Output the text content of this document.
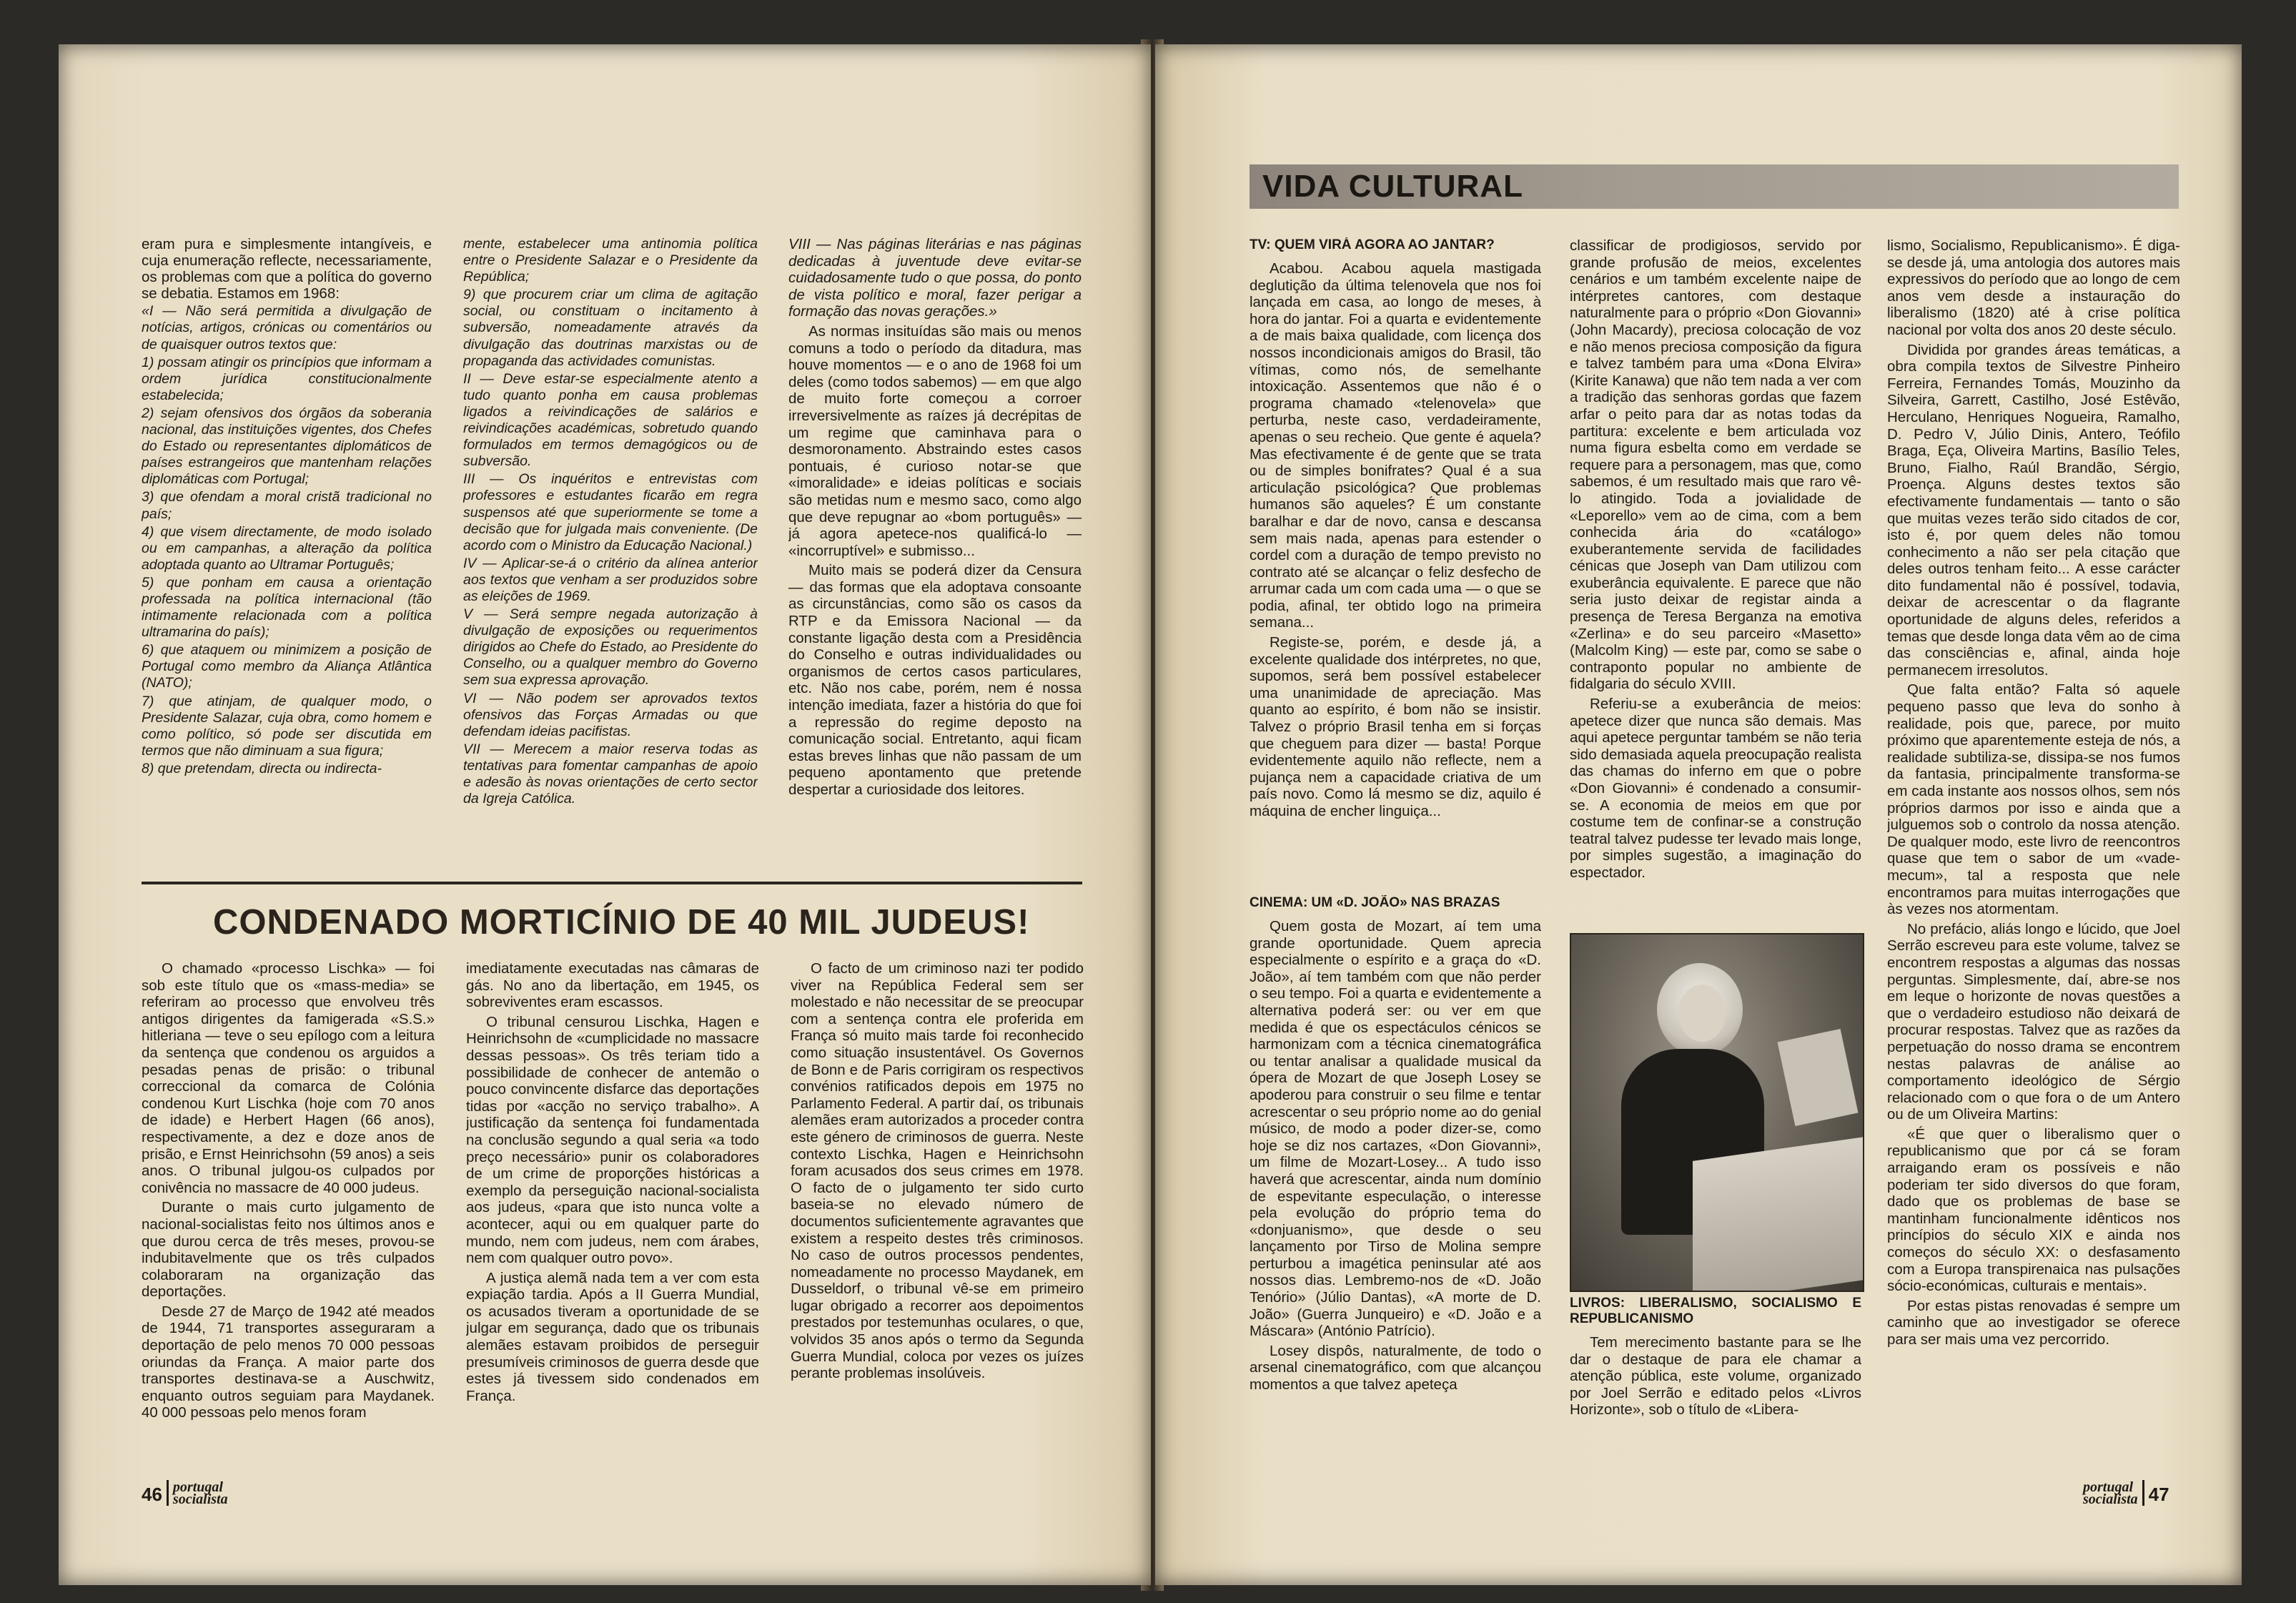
eram pura e simplesmente intangíveis, e cuja enumeração reflecte, necessariamente, os problemas com que a política do governo se debatia. Estamos em 1968:

«I — Não será permitida a divulgação de notícias, artigos, crónicas ou comentários ou de quaisquer outros textos que:

1) possam atingir os princípios que informam a ordem jurídica constitucionalmente estabelecida;

2) sejam ofensivos dos órgãos da soberania nacional, das instituições vigentes, dos Chefes do Estado ou representantes diplomáticos de países estrangeiros que mantenham relações diplomáticas com Portugal;

3) que ofendam a moral cristã tradicional no país;

4) que visem directamente, de modo isolado ou em campanhas, a alteração da política adoptada quanto ao Ultramar Português;

5) que ponham em causa a orientação professada na política internacional (tão intimamente relacionada com a política ultramarina do país);

6) que ataquem ou minimizem a posição de Portugal como membro da Aliança Atlântica (NATO);

7) que atinjam, de qualquer modo, o Presidente Salazar, cuja obra, como homem e como político, só pode ser discutida em termos que não diminuam a sua figura;

8) que pretendam, directa ou indirecta-

mente, estabelecer uma antinomia política entre o Presidente Salazar e o Presidente da República;

9) que procurem criar um clima de agitação social, ou constituam o incitamento à subversão, nomeadamente através da divulgação das doutrinas marxistas ou de propaganda das actividades comunistas.

II — Deve estar-se especialmente atento a tudo quanto ponha em causa problemas ligados a reivindicações de salários e reivindicações académicas, sobretudo quando formulados em termos demagógicos ou de subversão.

III — Os inquéritos e entrevistas com professores e estudantes ficarão em regra suspensos até que superiormente se tome a decisão que for julgada mais conveniente. (De acordo com o Ministro da Educação Nacional.)

IV — Aplicar-se-á o critério da alínea anterior aos textos que venham a ser produzidos sobre as eleições de 1969.

V — Será sempre negada autorização à divulgação de exposições ou requerimentos dirigidos ao Chefe do Estado, ao Presidente do Conselho, ou a qualquer membro do Governo sem sua expressa aprovação.

VI — Não podem ser aprovados textos ofensivos das Forças Armadas ou que defendam ideias pacifistas.

VII — Merecem a maior reserva todas as tentativas para fomentar campanhas de apoio e adesão às novas orientações de certo sector da Igreja Católica.

VIII — Nas páginas literárias e nas páginas dedicadas à juventude deve evitar-se cuidadosamente tudo o que possa, do ponto de vista político e moral, fazer perigar a formação das novas gerações.»

As normas insituídas são mais ou menos comuns a todo o período da ditadura, mas houve momentos — e o ano de 1968 foi um deles (como todos sabemos) — em que algo de muito forte começou a corroer irreversivelmente as raízes já decrépitas de um regime que caminhava para o desmoronamento. Abstraindo estes casos pontuais, é curioso notar-se que «imoralidade» e ideias políticas e sociais são metidas num e mesmo saco, como algo que deve repugnar ao «bom português» — já agora apetece-nos qualificá-lo — «incorruptível» e submisso...

Muito mais se poderá dizer da Censura — das formas que ela adoptava consoante as circunstâncias, como são os casos da RTP e da Emissora Nacional — da constante ligação desta com a Presidência do Conselho e outras individualidades ou organismos de certos casos particulares, etc. Não nos cabe, porém, nem é nossa intenção imediata, fazer a história do que foi a repressão do regime deposto na comunicação social. Entretanto, aqui ficam estas breves linhas que não passam de um pequeno apontamento que pretende despertar a curiosidade dos leitores.

CONDENADO MORTICÍNIO DE 40 MIL JUDEUS!

O chamado «processo Lischka» — foi sob este título que os «mass-media» se referiram ao processo que envolveu três antigos dirigentes da famigerada «S.S.» hitleriana — teve o seu epílogo com a leitura da sentença que condenou os arguidos a pesadas penas de prisão: o tribunal correccional da comarca de Colónia condenou Kurt Lischka (hoje com 70 anos de idade) e Herbert Hagen (66 anos), respectivamente, a dez e doze anos de prisão, e Ernst Heinrichsohn (59 anos) a seis anos. O tribunal julgou-os culpados por conivência no massacre de 40 000 judeus.

Durante o mais curto julgamento de nacional-socialistas feito nos últimos anos e que durou cerca de três meses, provou-se indubitavelmente que os três culpados colaboraram na organização das deportações.

Desde 27 de Março de 1942 até meados de 1944, 71 transportes asseguraram a deportação de pelo menos 70 000 pessoas oriundas da França. A maior parte dos transportes destinava-se a Auschwitz, enquanto outros seguiam para Maydanek. 40 000 pessoas pelo menos foram

imediatamente executadas nas câmaras de gás. No ano da libertação, em 1945, os sobreviventes eram escassos.

O tribunal censurou Lischka, Hagen e Heinrichsohn de «cumplicidade no massacre dessas pessoas». Os três teriam tido a possibilidade de conhecer de antemão o pouco convincente disfarce das deportações tidas por «acção no serviço trabalho». A justificação da sentença foi fundamentada na conclusão segundo a qual seria «a todo preço necessário» punir os colaboradores de um crime de proporções históricas a exemplo da perseguição nacional-socialista aos judeus, «para que isto nunca volte a acontecer, aqui ou em qualquer parte do mundo, nem com judeus, nem com árabes, nem com qualquer outro povo».

A justiça alemã nada tem a ver com esta expiação tardia. Após a II Guerra Mundial, os acusados tiveram a oportunidade de se julgar em segurança, dado que os tribunais alemães estavam proibidos de perseguir presumíveis criminosos de guerra desde que estes já tivessem sido condenados em França.

O facto de um criminoso nazi ter podido viver na República Federal sem ser molestado e não necessitar de se preocupar com a sentença contra ele proferida em França só muito mais tarde foi reconhecido como situação insustentável. Os Governos de Bonn e de Paris corrigiram os respectivos convénios ratificados depois em 1975 no Parlamento Federal. A partir daí, os tribunais alemães eram autorizados a proceder contra este género de criminosos de guerra. Neste contexto Lischka, Hagen e Heinrichsohn foram acusados dos seus crimes em 1978. O facto de o julgamento ter sido curto baseia-se no elevado número de documentos suficientemente agravantes que existem a respeito destes três criminosos. No caso de outros processos pendentes, nomeadamente no processo Maydanek, em Dusseldorf, o tribunal vê-se em primeiro lugar obrigado a recorrer aos depoimentos prestados por testemunhas oculares, o que, volvidos 35 anos após o termo da Segunda Guerra Mundial, coloca por vezes os juízes perante problemas insolúveis.

46 portugal
socialista
VIDA CULTURAL
TV: QUEM VIRÁ AGORA AO JANTAR?

Acabou. Acabou aquela mastigada deglutição da última telenovela que nos foi lançada em casa, ao longo de meses, à hora do jantar. Foi a quarta e evidentemente a de mais baixa qualidade, com licença dos nossos incondicionais amigos do Brasil, tão vítimas, como nós, de semelhante intoxicação. Assentemos que não é o programa chamado «telenovela» que perturba, neste caso, verdadeiramente, apenas o seu recheio. Que gente é aquela? Mas efectivamente é de gente que se trata ou de simples bonifrates? Qual é a sua articulação psicológica? Que problemas humanos são aqueles? É um constante baralhar e dar de novo, cansa e descansa sem mais nada, apenas para estender o cordel com a duração de tempo previsto no contrato até se alcançar o feliz desfecho de arrumar cada um com cada uma — o que se podia, afinal, ter obtido logo na primeira semana...

Registe-se, porém, e desde já, a excelente qualidade dos intérpretes, no que, supomos, será bem possível estabelecer uma unanimidade de apreciação. Mas quanto ao espírito, é bom não se insistir. Talvez o próprio Brasil tenha em si forças que cheguem para dizer — basta! Porque evidentemente aquilo não reflecte, nem a pujança nem a capacidade criativa de um país novo. Como lá mesmo se diz, aquilo é máquina de encher linguiça...

CINEMA: UM «D. JOÃO» NAS BRAZAS

Quem gosta de Mozart, aí tem uma grande oportunidade. Quem aprecia especialmente o espírito e a graça do «D. João», aí tem também com que não perder o seu tempo. Foi a quarta e evidentemente a alternativa poderá ser: ou ver em que medida é que os espectáculos cénicos se harmonizam com a técnica cinematográfica ou tentar analisar a qualidade musical da ópera de Mozart de que Joseph Losey se apoderou para construir o seu filme e tentar acrescentar o seu próprio nome ao do genial músico, de modo a poder dizer-se, como hoje se diz nos cartazes, «Don Giovanni», um filme de Mozart-Losey... A tudo isso haverá que acrescentar, ainda num domínio de espevitante especulação, o interesse pela evolução do próprio tema do «donjuanismo», que desde o seu lançamento por Tirso de Molina sempre perturbou a imagética peninsular até aos nossos dias. Lembremo-nos de «D. João Tenório» (Júlio Dantas), «A morte de D. João» (Guerra Junqueiro) e «D. João e a Máscara» (António Patrício).

Losey dispôs, naturalmente, de todo o arsenal cinematográfico, com que alcançou momentos a que talvez apeteça

classificar de prodigiosos, servido por grande profusão de meios, excelentes cenários e um também excelente naipe de intérpretes cantores, com destaque naturalmente para o próprio «Don Giovanni» (John Macardy), preciosa colocação de voz e não menos preciosa composição da figura e talvez também para uma «Dona Elvira» (Kirite Kanawa) que não tem nada a ver com a tradição das senhoras gordas que fazem arfar o peito para dar as notas todas da partitura: excelente e bem articulada voz numa figura esbelta como em verdade se requere para a personagem, mas que, como sabemos, é um resultado mais que raro vê-lo atingido. Toda a jovialidade de «Leporello» vem ao de cima, com a bem conhecida ária do «catálogo» exuberantemente servida de facilidades cénicas que Joseph van Dam utilizou com exuberância equivalente. E parece que não seria justo deixar de registar ainda a presença de Teresa Berganza na emotiva «Zerlina» e do seu parceiro «Masetto» (Malcolm King) — este par, como se sabe o contraponto popular no ambiente de fidalgaria do século XVIII.

Referiu-se a exuberância de meios: apetece dizer que nunca são demais. Mas aqui apetece perguntar também se não teria sido demasiada aquela preocupação realista das chamas do inferno em que o pobre «Don Giovanni» é condenado a consumir-se. A economia de meios em que por costume tem de confinar-se a construção teatral talvez pudesse ter levado mais longe, por simples sugestão, a imaginação do espectador.

LIVROS: LIBERALISMO, SOCIALISMO E REPUBLICANISMO

Tem merecimento bastante para se lhe dar o destaque de para ele chamar a atenção pública, este volume, organizado por Joel Serrão e editado pelos «Livros Horizonte», sob o título de «Libera-

lismo, Socialismo, Republicanismo». É diga-se desde já, uma antologia dos autores mais expressivos do período que ao longo de cem anos vem desde a instauração do liberalismo (1820) até à crise política nacional por volta dos anos 20 deste século.

Dividida por grandes áreas temáticas, a obra compila textos de Silvestre Pinheiro Ferreira, Fernandes Tomás, Mouzinho da Silveira, Garrett, Castilho, José Estêvão, Herculano, Henriques Nogueira, Ramalho, D. Pedro V, Júlio Dinis, Antero, Teófilo Braga, Eça, Oliveira Martins, Basílio Teles, Bruno, Fialho, Raúl Brandão, Sérgio, Proença. Alguns destes textos são efectivamente fundamentais — tanto o são que muitas vezes terão sido citados de cor, isto é, por quem deles não tomou conhecimento a não ser pela citação que deles outros tenham feito... A esse carácter dito fundamental não é possível, todavia, deixar de acrescentar o da flagrante oportunidade de alguns deles, referidos a temas que desde longa data vêm ao de cima das consciências e, afinal, ainda hoje permanecem irresolutos.

Que falta então? Falta só aquele pequeno passo que leva do sonho à realidade, pois que, parece, por muito próximo que aparentemente esteja de nós, a realidade subtiliza-se, dissipa-se nos fumos da fantasia, principalmente transforma-se em cada instante aos nossos olhos, sem nós próprios darmos por isso e ainda que a julguemos sob o controlo da nossa atenção. De qualquer modo, este livro de reencontros quase que tem o sabor de um «vade-mecum», tal a resposta que nele encontramos para muitas interrogações que às vezes nos atormentam.

No prefácio, aliás longo e lúcido, que Joel Serrão escreveu para este volume, talvez se encontrem respostas a algumas das nossas perguntas. Simplesmente, daí, abre-se nos em leque o horizonte de novas questões a que o verdadeiro estudioso não deixará de procurar respostas. Talvez que as razões da perpetuação do nosso drama se encontrem nestas palavras de análise ao comportamento ideológico de Sérgio relacionado com o que fora o de um Antero ou de um Oliveira Martins:

«É que quer o liberalismo quer o republicanismo que por cá se foram arraigando eram os possíveis e não poderiam ter sido diversos do que foram, dado que os problemas de base se mantinham funcionalmente idênticos nos princípios do século XIX e ainda nos começos do século XX: o desfasamento com a Europa transpirenaica nas pulsações sócio-económicas, culturais e mentais».

Por estas pistas renovadas é sempre um caminho que ao investigador se oferece para ser mais uma vez percorrido.

portugal
socialista 47
